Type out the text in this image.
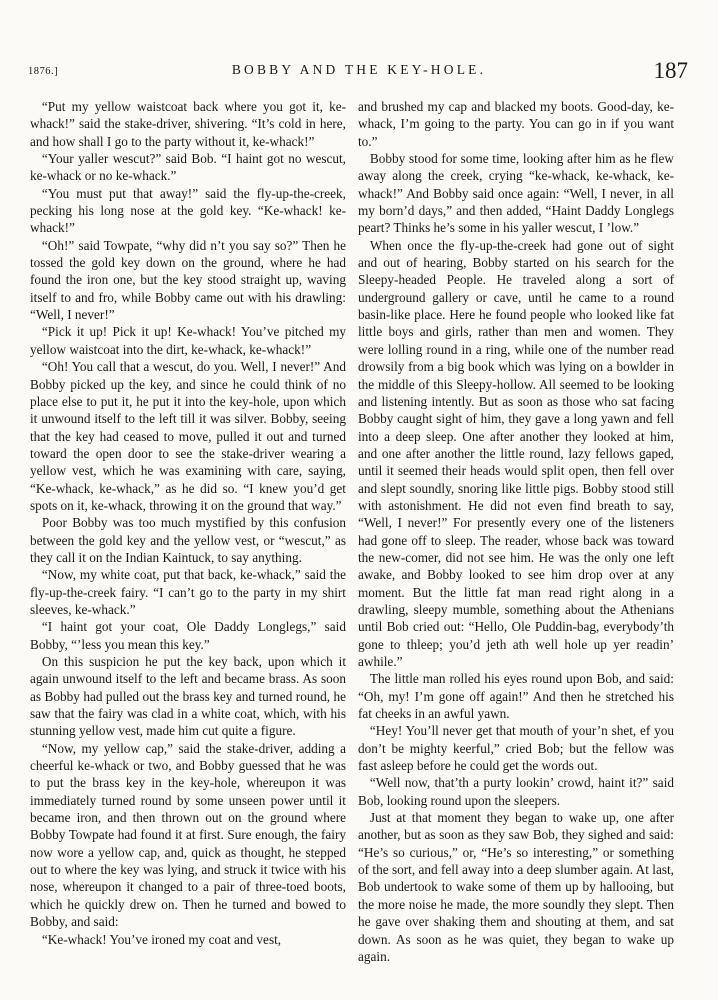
1876.]	BOBBY AND THE KEY-HOLE.	187

“Put my yellow waistcoat back where you got it, ke-whack!” said the stake-driver, shivering. “It’s cold in here, and how shall I go to the party without it, ke-whack!”

“Your yaller wescut?” said Bob. “I haint got no wescut, ke-whack or no ke-whack.”

“You must put that away!” said the fly-up-the-creek, pecking his long nose at the gold key. “Ke-whack! ke-whack!”

“Oh!” said Towpate, “why did n’t you say so?” Then he tossed the gold key down on the ground, where he had found the iron one, but the key stood straight up, waving itself to and fro, while Bobby came out with his drawling: “Well, I never!”

“Pick it up! Pick it up! Ke-whack! You’ve pitched my yellow waistcoat into the dirt, ke-whack, ke-whack!”

“Oh! You call that a wescut, do you. Well, I never!” And Bobby picked up the key, and since he could think of no place else to put it, he put it into the key-hole, upon which it unwound itself to the left till it was silver. Bobby, seeing that the key had ceased to move, pulled it out and turned toward the open door to see the stake-driver wearing a yellow vest, which he was examining with care, saying, “Ke-whack, ke-whack,” as he did so. “I knew you’d get spots on it, ke-whack, throwing it on the ground that way.”

Poor Bobby was too much mystified by this confusion between the gold key and the yellow vest, or “wescut,” as they call it on the Indian Kaintuck, to say anything.

“Now, my white coat, put that back, ke-whack,” said the fly-up-the-creek fairy. “I can’t go to the party in my shirt sleeves, ke-whack.”

“I haint got your coat, Ole Daddy Longlegs,” said Bobby, “’less you mean this key.”

On this suspicion he put the key back, upon which it again unwound itself to the left and became brass. As soon as Bobby had pulled out the brass key and turned round, he saw that the fairy was clad in a white coat, which, with his stunning yellow vest, made him cut quite a figure.

“Now, my yellow cap,” said the stake-driver, adding a cheerful ke-whack or two, and Bobby guessed that he was to put the brass key in the key-hole, whereupon it was immediately turned round by some unseen power until it became iron, and then thrown out on the ground where Bobby Towpate had found it at first. Sure enough, the fairy now wore a yellow cap, and, quick as thought, he stepped out to where the key was lying, and struck it twice with his nose, whereupon it changed to a pair of three-toed boots, which he quickly drew on. Then he turned and bowed to Bobby, and said:

“Ke-whack! You’ve ironed my coat and vest,

and brushed my cap and blacked my boots. Good-day, ke-whack, I’m going to the party. You can go in if you want to.”

Bobby stood for some time, looking after him as he flew away along the creek, crying “ke-whack, ke-whack, ke-whack!” And Bobby said once again: “Well, I never, in all my born’d days,” and then added, “Haint Daddy Longlegs peart? Thinks he’s some in his yaller wescut, I ’low.”

When once the fly-up-the-creek had gone out of sight and out of hearing, Bobby started on his search for the Sleepy-headed People. He traveled along a sort of underground gallery or cave, until he came to a round basin-like place. Here he found people who looked like fat little boys and girls, rather than men and women. They were lolling round in a ring, while one of the number read drowsily from a big book which was lying on a bowlder in the middle of this Sleepy-hollow. All seemed to be looking and listening intently. But as soon as those who sat facing Bobby caught sight of him, they gave a long yawn and fell into a deep sleep. One after another they looked at him, and one after another the little round, lazy fellows gaped, until it seemed their heads would split open, then fell over and slept soundly, snoring like little pigs. Bobby stood still with astonishment. He did not even find breath to say, “Well, I never!” For presently every one of the listeners had gone off to sleep. The reader, whose back was toward the new-comer, did not see him. He was the only one left awake, and Bobby looked to see him drop over at any moment. But the little fat man read right along in a drawling, sleepy mumble, something about the Athenians until Bob cried out: “Hello, Ole Puddin-bag, everybody’th gone to thleep; you’d jeth ath well hole up yer readin’ awhile.”

The little man rolled his eyes round upon Bob, and said: “Oh, my! I’m gone off again!” And then he stretched his fat cheeks in an awful yawn.

“Hey! You’ll never get that mouth of your’n shet, ef you don’t be mighty keerful,” cried Bob; but the fellow was fast asleep before he could get the words out.

“Well now, that’th a purty lookin’ crowd, haint it?” said Bob, looking round upon the sleepers.

Just at that moment they began to wake up, one after another, but as soon as they saw Bob, they sighed and said: “He’s so curious,” or, “He’s so interesting,” or something of the sort, and fell away into a deep slumber again. At last, Bob undertook to wake some of them up by hallooing, but the more noise he made, the more soundly they slept. Then he gave over shaking them and shouting at them, and sat down. As soon as he was quiet, they began to wake up again.
